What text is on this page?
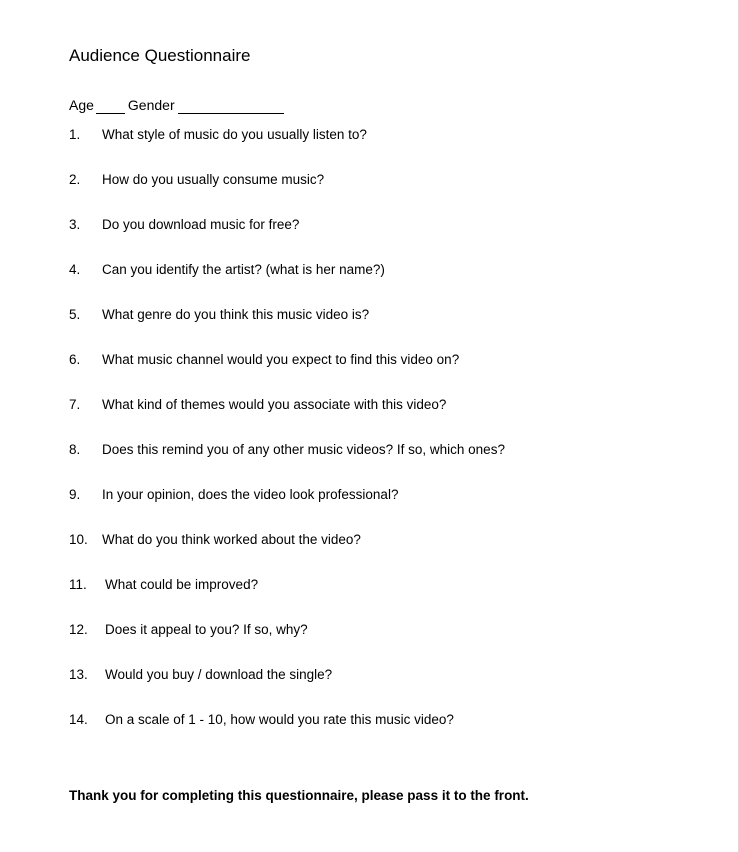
Audience Questionnaire
Age Gender
1. What style of music do you usually listen to?
2. How do you usually consume music?
3. Do you download music for free?
4. Can you identify the artist? (what is her name?)
5. What genre do you think this music video is?
6. What music channel would you expect to find this video on?
7. What kind of themes would you associate with this video?
8. Does this remind you of any other music videos? If so, which ones?
9. In your opinion, does the video look professional?
10. What do you think worked about the video?
11. What could be improved?
12. Does it appeal to you? If so, why?
13. Would you buy / download the single?
14. On a scale of 1 - 10, how would you rate this music video?
Thank you for completing this questionnaire, please pass it to the front.
